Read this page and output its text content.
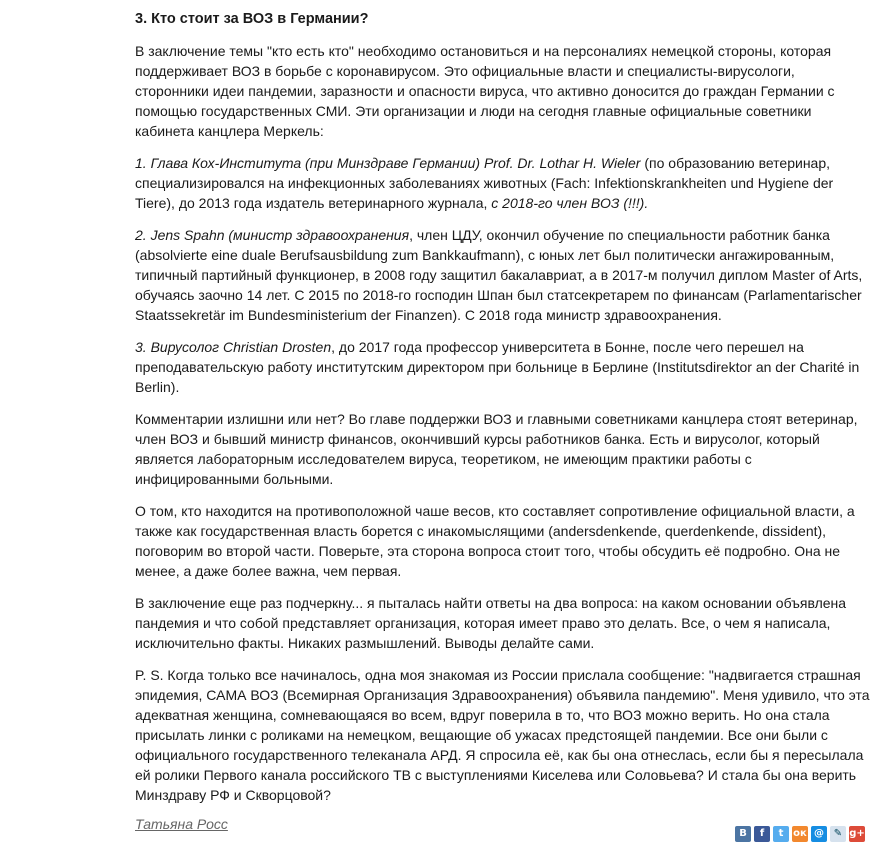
3. Кто стоит за ВОЗ в Германии?

В заключение темы "кто есть кто" необходимо остановиться и на персоналиях немецкой стороны, которая поддерживает ВОЗ в борьбе с коронавирусом. Это официальные власти и специалисты-вирусологи, сторонники идеи пандемии, заразности и опасности вируса, что активно доносится до граждан Германии с помощью государственных СМИ. Эти организации и люди на сегодня главные официальные советники кабинета канцлера Меркель:

1. Глава Кох-Института (при Минздраве Германии) Prof. Dr. Lothar H. Wieler (по образованию ветеринар, специализировался на инфекционных заболеваниях животных (Fach: Infektionskrankheiten und Hygiene der Tiere), до 2013 года издатель ветеринарного журнала, с 2018-го член ВОЗ (!!!).

2. Jens Spahn (министр здравоохранения, член ЦДУ, окончил обучение по специальности работник банка (absolvierte eine duale Berufsausbildung zum Bankkaufmann), с юных лет был политически ангажированным, типичный партийный функционер, в 2008 году защитил бакалавриат, а в 2017-м получил диплом Master of Arts, обучаясь заочно 14 лет. С 2015 по 2018-го господин Шпан был статсекретарем по финансам (Parlamentarischer Staatssekretär im Bundesministerium der Finanzen). С 2018 года министр здравоохранения.

3. Вирусолог Christian Drosten, до 2017 года профессор университета в Бонне, после чего перешел на преподавательскую работу институтским директором при больнице в Берлине (Institutsdirektor an der Charité in Berlin).

Комментарии излишни или нет? Во главе поддержки ВОЗ и главными советниками канцлера стоят ветеринар, член ВОЗ и бывший министр финансов, окончивший курсы работников банка. Есть и вирусолог, который является лабораторным исследователем вируса, теоретиком, не имеющим практики работы с инфицированными больными.

О том, кто находится на противоположной чаше весов, кто составляет сопротивление официальной власти, а также как государственная власть борется с инакомыслящими (andersdenkende, querdenkende, dissident), поговорим во второй части. Поверьте, эта сторона вопроса стоит того, чтобы обсудить её подробно. Она не менее, а даже более важна, чем первая.

В заключение еще раз подчеркну... я пыталась найти ответы на два вопроса: на каком основании объявлена пандемия и что собой представляет организация, которая имеет право это делать. Все, о чем я написала, исключительно факты. Никаких размышлений. Выводы делайте сами.

P. S. Когда только все начиналось, одна моя знакомая из России прислала сообщение: "надвигается страшная эпидемия, САМА ВОЗ (Всемирная Организация Здравоохранения) объявила пандемию". Меня удивило, что эта адекватная женщина, сомневающаяся во всем, вдруг поверила в то, что ВОЗ можно верить. Но она стала присылать линки с роликами на немецком, вещающие об ужасах предстоящей пандемии. Все они были с официального государственного телеканала АРД. Я спросила её, как бы она отнеслась, если бы я пересылала ей ролики Первого канала российского ТВ с выступлениями Киселева или Соловьева? И стала бы она верить Минздраву РФ и Скворцовой?

Татьяна Росс
В	f	t ок @ ✎ g+
